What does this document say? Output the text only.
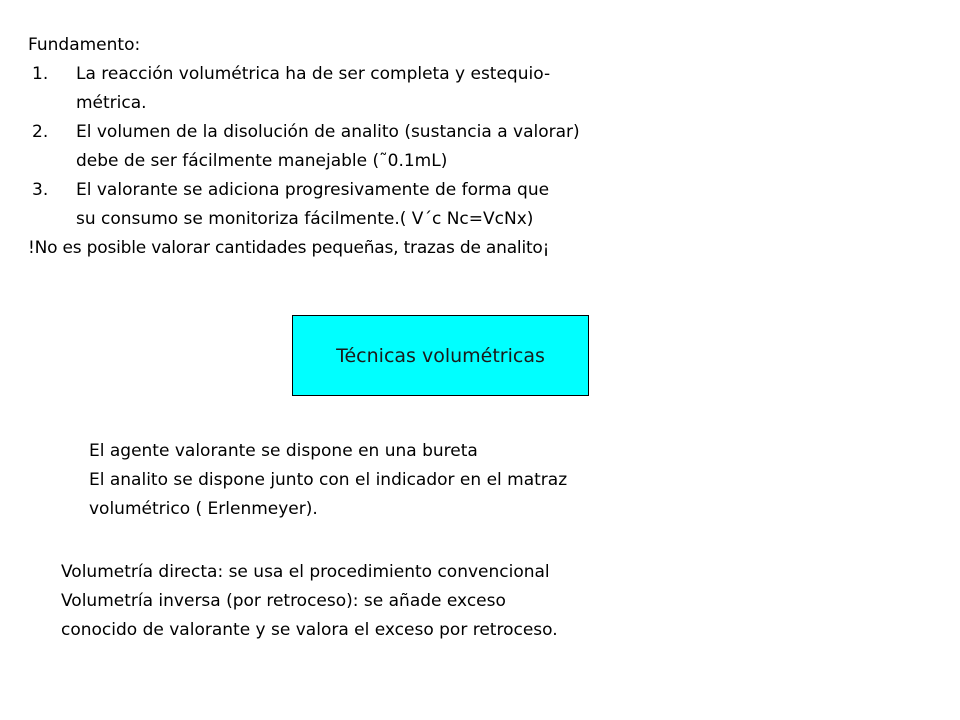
Fundamento:
1. La reacción volumétrica ha de ser completa y estequio-
métrica.
2. El volumen de la disolución de analito (sustancia a valorar)
debe de ser fácilmente manejable (˜0.1mL)
3. El valorante se adiciona progresivamente de forma que
su consumo se monitoriza fácilmente.( V´c Nc=VcNx)
!No es posible valorar cantidades pequeñas, trazas de analito¡
Técnicas volumétricas
El agente valorante se dispone en una bureta
El analito se dispone junto con el indicador en el matraz
volumétrico ( Erlenmeyer).
Volumetría directa: se usa el procedimiento convencional
Volumetría inversa (por retroceso): se añade exceso
conocido de valorante y se valora el exceso por retroceso.
